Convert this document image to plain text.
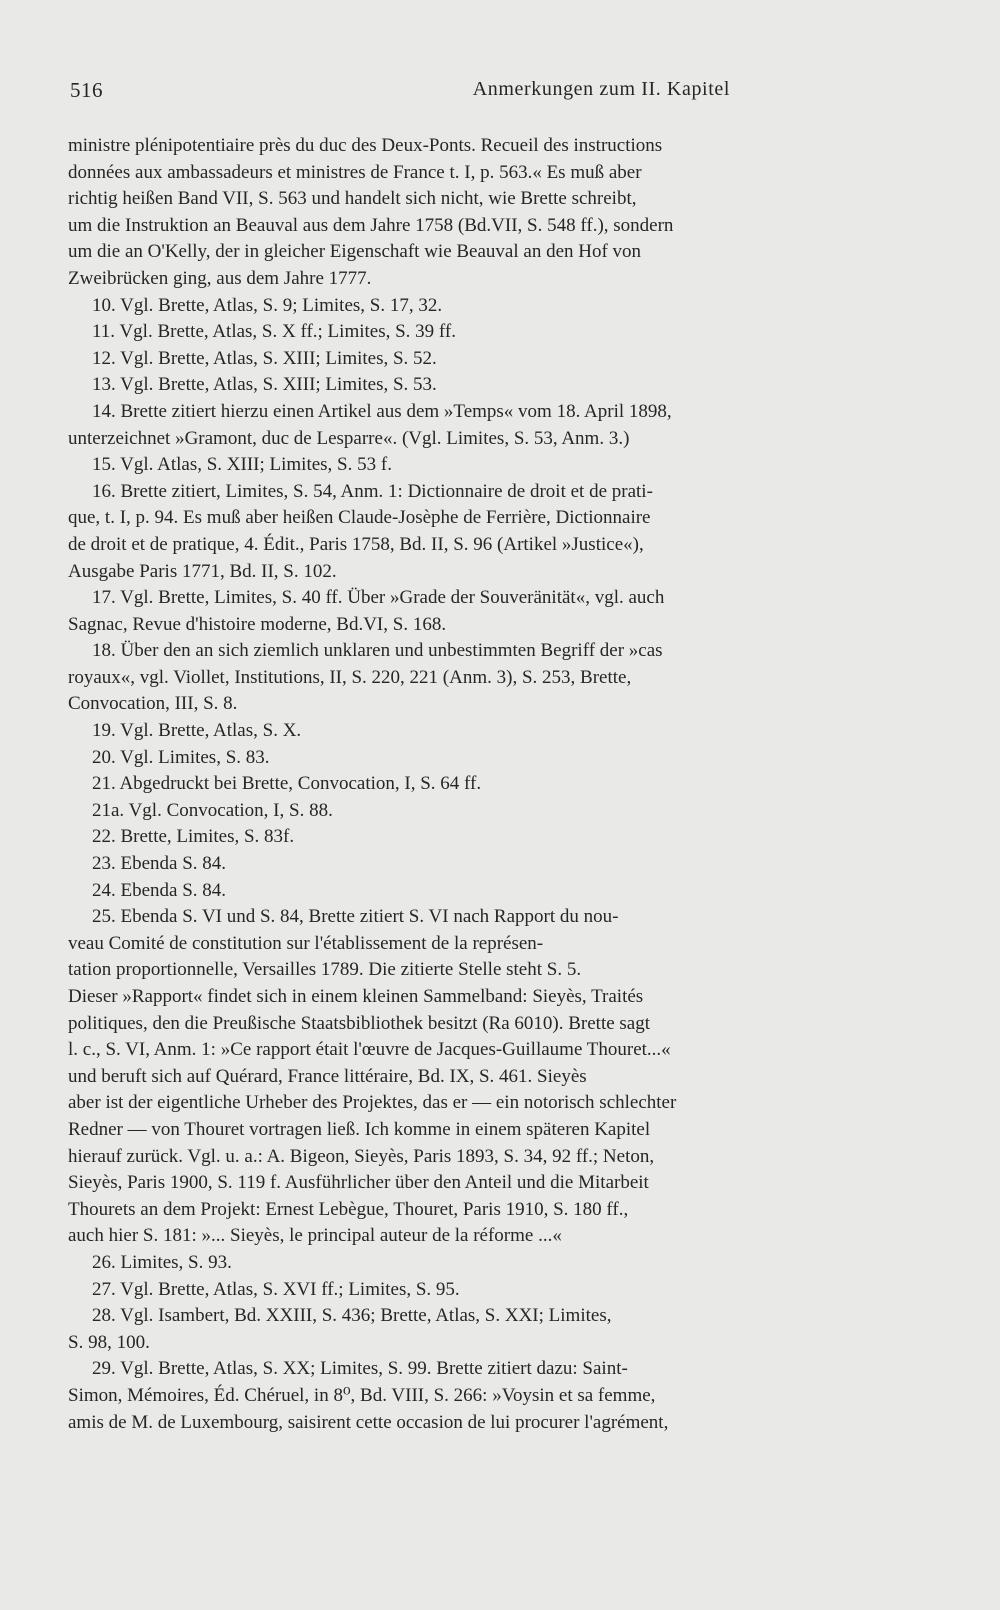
516	Anmerkungen zum II. Kapitel
ministre plénipotentiaire près du duc des Deux-Ponts. Recueil des instructions
données aux ambassadeurs et ministres de France t. I, p. 563.« Es muß aber
richtig heißen Band VII, S. 563 und handelt sich nicht, wie Brette schreibt,
um die Instruktion an Beauval aus dem Jahre 1758 (Bd.VII, S. 548 ff.), sondern
um die an O'Kelly, der in gleicher Eigenschaft wie Beauval an den Hof von
Zweibrücken ging, aus dem Jahre 1777.
10. Vgl. Brette, Atlas, S. 9; Limites, S. 17, 32.
11. Vgl. Brette, Atlas, S. X ff.; Limites, S. 39 ff.
12. Vgl. Brette, Atlas, S. XIII; Limites, S. 52.
13. Vgl. Brette, Atlas, S. XIII; Limites, S. 53.
14. Brette zitiert hierzu einen Artikel aus dem »Temps« vom 18. April 1898,
unterzeichnet »Gramont, duc de Lesparre«. (Vgl. Limites, S. 53, Anm. 3.)
15. Vgl. Atlas, S. XIII; Limites, S. 53 f.
16. Brette zitiert, Limites, S. 54, Anm. 1: Dictionnaire de droit et de prati-
que, t. I, p. 94. Es muß aber heißen Claude-Josèphe de Ferrière, Dictionnaire
de droit et de pratique, 4. Édit., Paris 1758, Bd. II, S. 96 (Artikel »Justice«),
Ausgabe Paris 1771, Bd. II, S. 102.
17. Vgl. Brette, Limites, S. 40 ff. Über »Grade der Souveränität«, vgl. auch
Sagnac, Revue d'histoire moderne, Bd.VI, S. 168.
18. Über den an sich ziemlich unklaren und unbestimmten Begriff der »cas
royaux«, vgl. Viollet, Institutions, II, S. 220, 221 (Anm. 3), S. 253, Brette,
Convocation, III, S. 8.
19. Vgl. Brette, Atlas, S. X.
20. Vgl. Limites, S. 83.
21. Abgedruckt bei Brette, Convocation, I, S. 64 ff.
21a. Vgl. Convocation, I, S. 88.
22. Brette, Limites, S. 83f.
23. Ebenda S. 84.
24. Ebenda S. 84.
25. Ebenda S. VI und S. 84, Brette zitiert S. VI nach Rapport du nou-
veau Comité de constitution sur l'établissement de la représen-
tation proportionnelle, Versailles 1789. Die zitierte Stelle steht S. 5.
Dieser »Rapport« findet sich in einem kleinen Sammelband: Sieyès, Traités
politiques, den die Preußische Staatsbibliothek besitzt (Ra 6010). Brette sagt
l. c., S. VI, Anm. 1: »Ce rapport était l'œuvre de Jacques-Guillaume Thouret...«
und beruft sich auf Quérard, France littéraire, Bd. IX, S. 461. Sieyès
aber ist der eigentliche Urheber des Projektes, das er — ein notorisch schlechter
Redner — von Thouret vortragen ließ. Ich komme in einem späteren Kapitel
hierauf zurück. Vgl. u. a.: A. Bigeon, Sieyès, Paris 1893, S. 34, 92 ff.; Neton,
Sieyès, Paris 1900, S. 119 f. Ausführlicher über den Anteil und die Mitarbeit
Thourets an dem Projekt: Ernest Lebègue, Thouret, Paris 1910, S. 180 ff.,
auch hier S. 181: »... Sieyès, le principal auteur de la réforme ...«
26. Limites, S. 93.
27. Vgl. Brette, Atlas, S. XVI ff.; Limites, S. 95.
28. Vgl. Isambert, Bd. XXIII, S. 436; Brette, Atlas, S. XXI; Limites,
S. 98, 100.
29. Vgl. Brette, Atlas, S. XX; Limites, S. 99. Brette zitiert dazu: Saint-
Simon, Mémoires, Éd. Chéruel, in 8⁰, Bd. VIII, S. 266: »Voysin et sa femme,
amis de M. de Luxembourg, saisirent cette occasion de lui procurer l'agrément,
